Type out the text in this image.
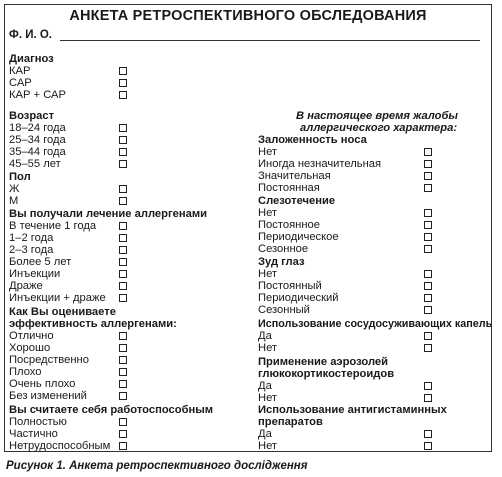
АНКЕТА РЕТРОСПЕКТИВНОГО ОБСЛЕДОВАНИЯ
Ф. И. О.
Диагноз
КАР
САР
КАР + САР
Возраст
18–24 года
25–34 года
35–44 года
45–55 лет
Пол
Ж
М
Вы получали лечение аллергенами
В течение 1 года
1–2 года
2–3 года
Более 5 лет
Инъекции
Драже
Инъекции + драже
Как Вы оцениваете
эффективность аллергенами:
Отлично
Хорошо
Посредственно
Плохо
Очень плохо
Без изменений
Вы считаете себя работоспособным
Полностью
Частично
Нетрудоспособным
В настоящее время жалобы
аллергического характера:
Заложенность носа
Нет
Иногда незначительная
Значительная
Постоянная
Слезотечение
Нет
Постоянное
Периодическое
Сезонное
Зуд глаз
Нет
Постоянный
Периодический
Сезонный
Использование сосудосуживающих капель
Да
Нет
Применение аэрозолей
глюкокортикостероидов
Да
Нет
Использование антигистаминных
препаратов
Да
Нет
Рисунок 1. Анкета ретроспективного дослідження
